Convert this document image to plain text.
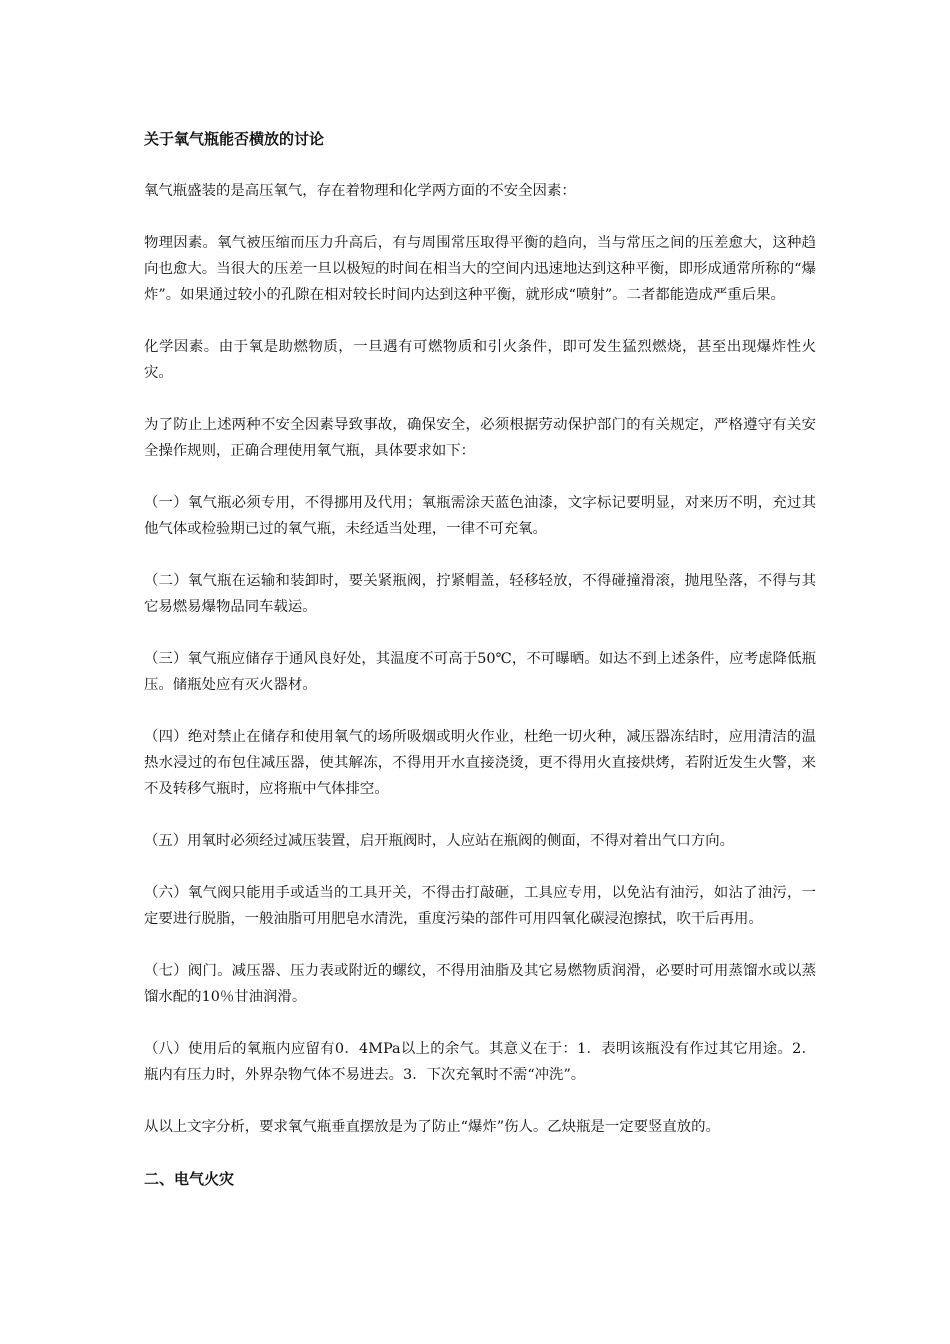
关于氧气瓶能否横放的讨论

氧气瓶盛装的是高压氧气，存在着物理和化学两方面的不安全因素：

物理因素。氧气被压缩而压力升高后，有与周围常压取得平衡的趋向，当与常压之间的压差愈大，这种趋向也愈大。当很大的压差一旦以极短的时间在相当大的空间内迅速地达到这种平衡，即形成通常所称的“爆炸”。如果通过较小的孔隙在相对较长时间内达到这种平衡，就形成“喷射”。二者都能造成严重后果。

化学因素。由于氧是助燃物质，一旦遇有可燃物质和引火条件，即可发生猛烈燃烧，甚至出现爆炸性火灾。

为了防止上述两种不安全因素导致事故，确保安全，必须根据劳动保护部门的有关规定，严格遵守有关安全操作规则，正确合理使用氧气瓶，具体要求如下：

（一）氧气瓶必须专用，不得挪用及代用；氧瓶需涂天蓝色油漆，文字标记要明显，对来历不明，充过其他气体或检验期已过的氧气瓶，未经适当处理，一律不可充氧。

（二）氧气瓶在运输和装卸时，要关紧瓶阀，拧紧帽盖，轻移轻放，不得碰撞滑滚，抛甩坠落，不得与其它易燃易爆物品同车载运。

（三）氧气瓶应储存于通风良好处，其温度不可高于50℃，不可曝晒。如达不到上述条件，应考虑降低瓶压。储瓶处应有灭火器材。

（四）绝对禁止在储存和使用氧气的场所吸烟或明火作业，杜绝一切火种，减压器冻结时，应用清洁的温热水浸过的布包住减压器，使其解冻，不得用开水直接浇烫，更不得用火直接烘烤，若附近发生火警，来不及转移气瓶时，应将瓶中气体排空。

（五）用氧时必须经过减压装置，启开瓶阀时，人应站在瓶阀的侧面，不得对着出气口方向。

（六）氧气阀只能用手或适当的工具开关，不得击打敲砸，工具应专用，以免沾有油污，如沾了油污，一定要进行脱脂，一般油脂可用肥皂水清洗，重度污染的部件可用四氧化碳浸泡擦拭，吹干后再用。

（七）阀门。减压器、压力表或附近的螺纹，不得用油脂及其它易燃物质润滑，必要时可用蒸馏水或以蒸馏水配的10％甘油润滑。

（八）使用后的氧瓶内应留有0．4MPa以上的余气。其意义在于：1．表明该瓶没有作过其它用途。2．瓶内有压力时，外界杂物气体不易进去。3．下次充氧时不需“冲洗”。

从以上文字分析，要求氧气瓶垂直摆放是为了防止“爆炸”伤人。乙炔瓶是一定要竖直放的。

二、电气火灾
